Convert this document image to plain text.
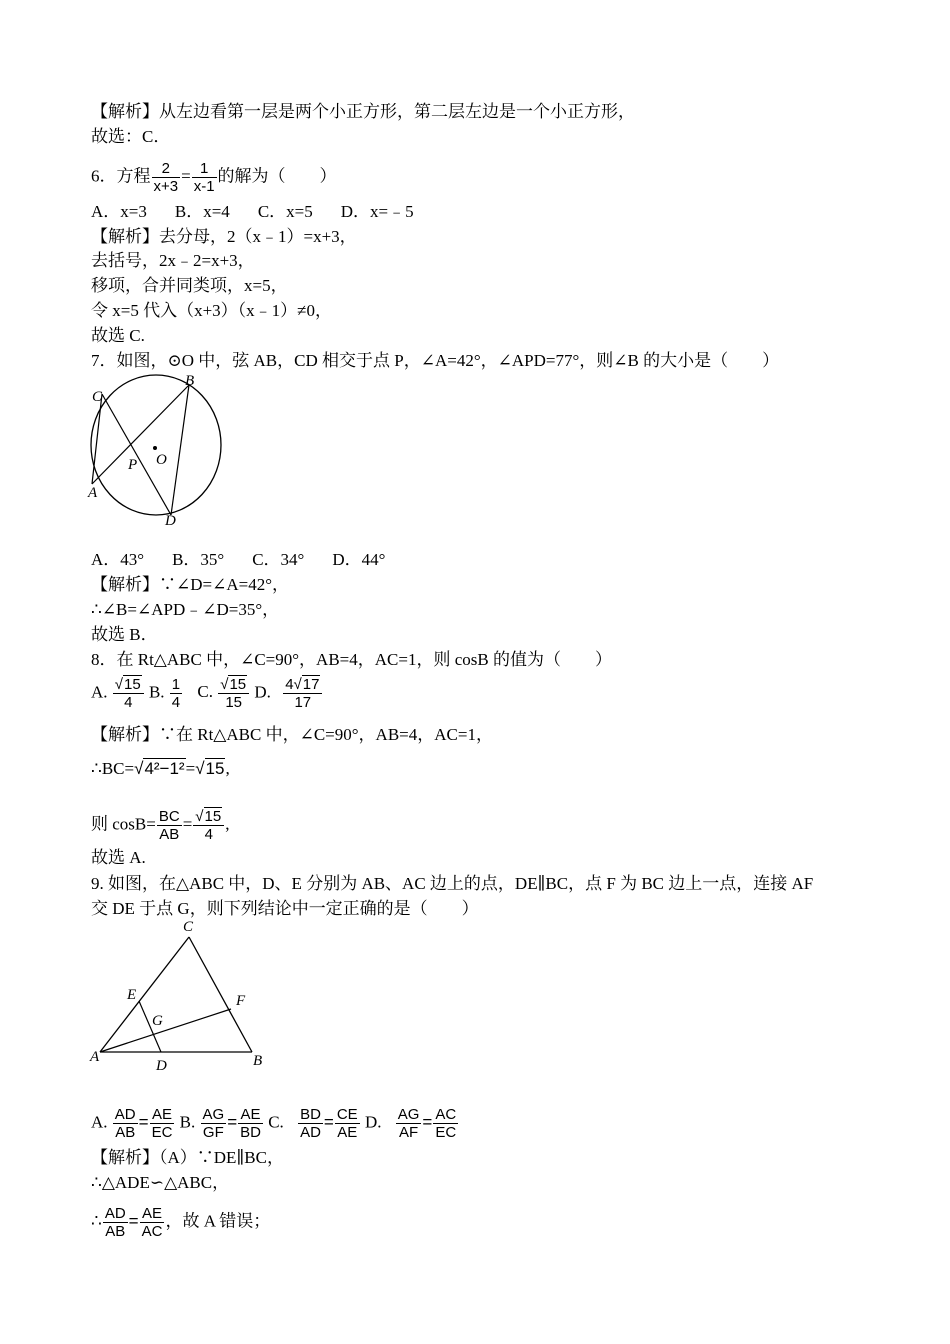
【解析】从左边看第一层是两个小正方形，第二层左边是一个小正方形，
故选：C．
6．方程 $\frac{2}{x+3} = \frac{1}{x-1}$ 的解为（　　）
A．x=3 B．x=4 C．x=5 D．x=﹣5
【解析】去分母，2（x﹣1）=x+3，
去括号，2x﹣2=x+3，
移项，合并同类项，x=5，
令 x=5 代入（x+3）（x﹣1）≠0，
故选 C.
7．如图，⊙O 中，弦 AB，CD 相交于点 P，∠A=42°，∠APD=77°，则∠B 的大小是（　　）
C
B
O
P
A
D
A．43° B．35° C．34° D．44°
【解析】∵∠D=∠A=42°，
∴∠B=∠APD﹣∠D=35°，
故选 B．
8．在 Rt△ABC 中，∠C=90°，AB=4，AC=1，则 cosB 的值为（　　）
A. $\frac{√15}{4} B$. $\frac{1}{4} C$. $\frac{√15}{15} D$. $\frac{4√17}{17}$
【解析】∵在 Rt△ABC 中，∠C=90°，AB=4，AC=1，
∴BC=√4²−1²=√15,
则 $\cos B= \frac{BC}{AB} = \frac{√15}{4}$ ,
故选 A.
9. 如图，在△ABC 中，D、E 分别为 AB、AC 边上的点，DE∥BC，点 F 为 BC 边上一点，连接 AF
交 DE 于点 G，则下列结论中一定正确的是（　　）
C
E	F
G
A
D	B
A. $\frac{AD}{AB} = \frac{AE}{EC} B$. $\frac{AG}{GF} = \frac{AE}{BD} C$. $\frac{BD}{AD} = \frac{CE}{AE} D$. $\frac{AG}{AF} = \frac{AC}{EC}$
【解析】（A）∵DE∥BC，
∴△ADE∽△ABC，
∴ $\frac{AD}{AB} = \frac{AE}{AC}$ ，故 A 错误；
